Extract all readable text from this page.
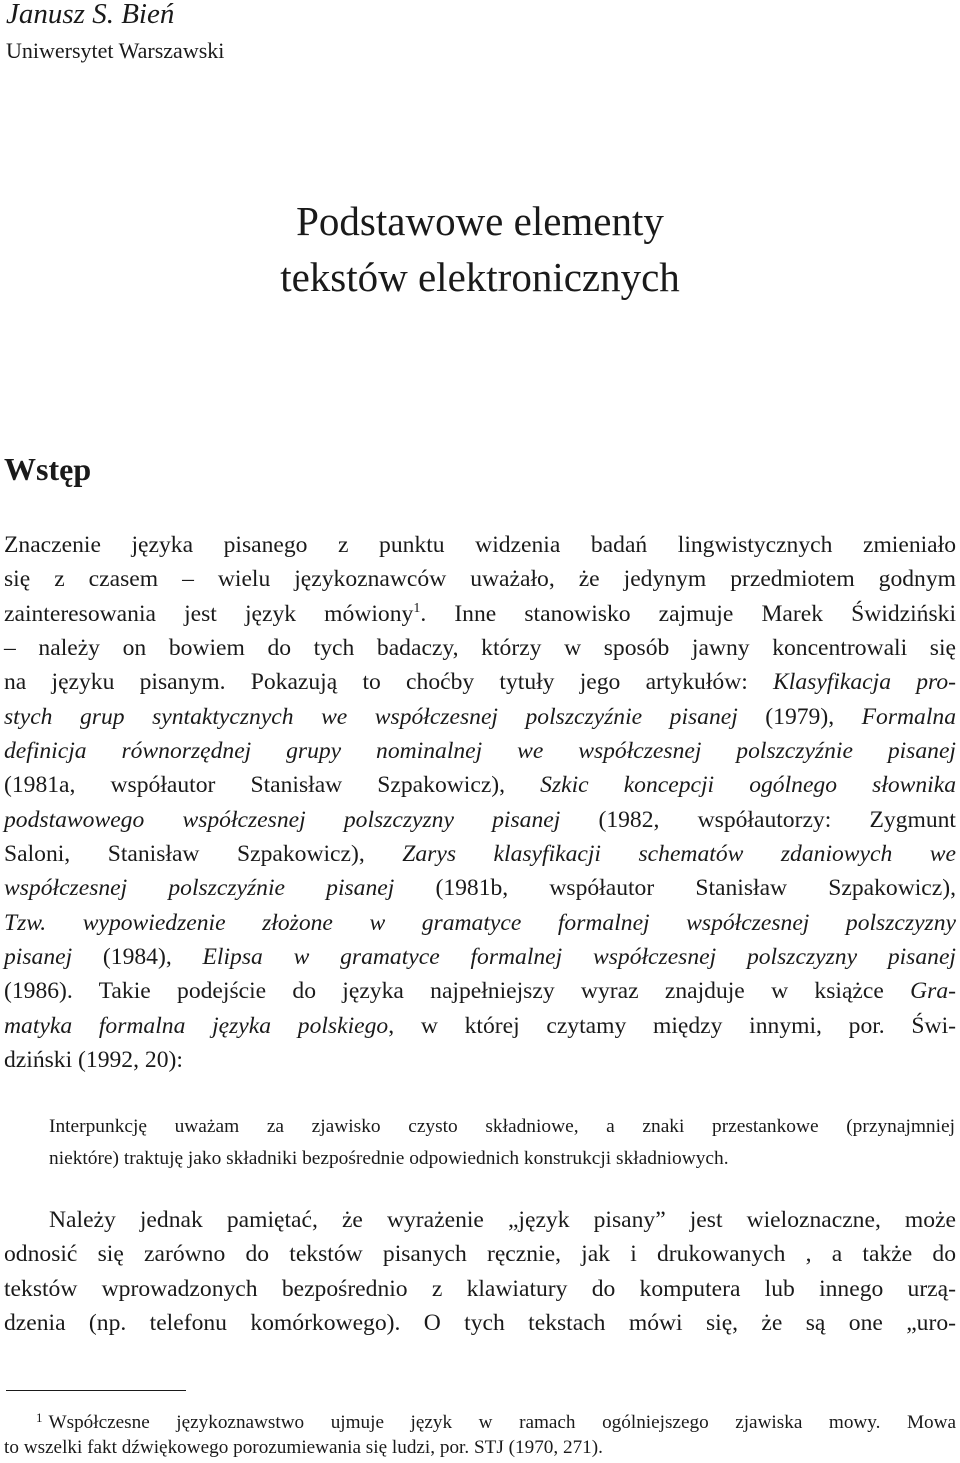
Janusz S. Bień
Uniwersytet Warszawski
Podstawowe elementy
tekstów elektronicznych
Wstęp
Znaczenie języka pisanego z punktu widzenia badań lingwistycznych zmieniało
się z czasem – wielu językoznawców uważało, że jedynym przedmiotem godnym
zainteresowania jest język mówiony$^1$. Inne stanowisko zajmuje Marek Świdziński
– należy on bowiem do tych badaczy, którzy w sposób jawny koncentrowali się
na języku pisanym. Pokazują to choćby tytuły jego artykułów: Klasyfikacja pro-
stych grup syntaktycznych we współczesnej polszczyźnie pisanej (1979), Formalna
definicja równorzędnej grupy nominalnej we współczesnej polszczyźnie pisanej
(1981a, współautor Stanisław Szpakowicz), Szkic koncepcji ogólnego słownika
podstawowego współczesnej polszczyzny pisanej (1982, współautorzy: Zygmunt
Saloni, Stanisław Szpakowicz), Zarys klasyfikacji schematów zdaniowych we
współczesnej polszczyźnie pisanej (1981b, współautor Stanisław Szpakowicz),
Tzw. wypowiedzenie złożone w gramatyce formalnej współczesnej polszczyzny
pisanej (1984), Elipsa w gramatyce formalnej współczesnej polszczyzny pisanej
(1986). Takie podejście do języka najpełniejszy wyraz znajduje w książce Gra-
matyka formalna języka polskiego, w której czytamy między innymi, por. Świ-
dziński (1992, 20):
Interpunkcję uważam za zjawisko czysto składniowe, a znaki przestankowe (przynajmniej
niektóre) traktuję jako składniki bezpośrednie odpowiednich konstrukcji składniowych.
Należy jednak pamiętać, że wyrażenie „język pisany” jest wieloznaczne, może
odnosić się zarówno do tekstów pisanych ręcznie, jak i drukowanych , a także do
tekstów wprowadzonych bezpośrednio z klawiatury do komputera lub innego urzą-
dzenia (np. telefonu komórkowego). O tych tekstach mówi się, że są one „uro-
$^1$ Współczesne językoznawstwo ujmuje język w ramach ogólniejszego zjawiska mowy. Mowa
to wszelki fakt dźwiękowego porozumiewania się ludzi, por. STJ (1970, 271).
